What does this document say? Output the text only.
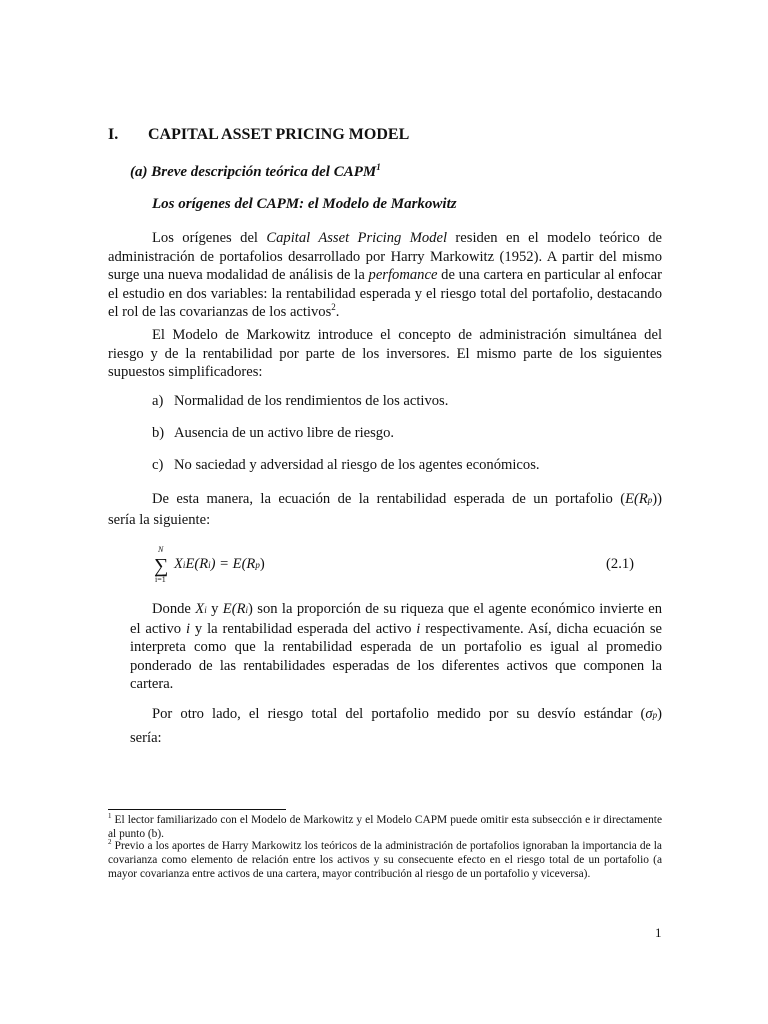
I. CAPITAL ASSET PRICING MODEL
(a) Breve descripción teórica del CAPM$^1$
Los orígenes del CAPM: el Modelo de Markowitz
Los orígenes del Capital Asset Pricing Model residen en el modelo teórico de administración de portafolios desarrollado por Harry Markowitz (1952). A partir del mismo surge una nueva modalidad de análisis de la perfomance de una cartera en particular al enfocar el estudio en dos variables: la rentabilidad esperada y el riesgo total del portafolio, destacando el rol de las covarianzas de los activos$^2$.
El Modelo de Markowitz introduce el concepto de administración simultánea del riesgo y de la rentabilidad por parte de los inversores. El mismo parte de los siguientes supuestos simplificadores:
a) Normalidad de los rendimientos de los activos.
b) Ausencia de un activo libre de riesgo.
c) No saciedad y adversidad al riesgo de los agentes económicos.
De esta manera, la ecuación de la rentabilidad esperada de un portafolio (E(Rp))
sería la siguiente:
N
∑
i=1
XiE(Ri) = E(Rp)	(2.1)
Donde Xi y E(Ri) son la proporción de su riqueza que el agente económico invierte en el activo i y la rentabilidad esperada del activo i respectivamente. Así, dicha ecuación se interpreta como que la rentabilidad esperada de un portafolio es igual al promedio ponderado de las rentabilidades esperadas de los diferentes activos que componen la cartera.
Por otro lado, el riesgo total del portafolio medido por su desvío estándar (σp)
sería:
$^1$ El lector familiarizado con el Modelo de Markowitz y el Modelo CAPM puede omitir esta subsección e ir directamente al punto (b).
$^2$ Previo a los aportes de Harry Markowitz los teóricos de la administración de portafolios ignoraban la importancia de la covarianza como elemento de relación entre los activos y su consecuente efecto en el riesgo total de un portafolio (a mayor covarianza entre activos de una cartera, mayor contribución al riesgo de un portafolio y viceversa).
1
